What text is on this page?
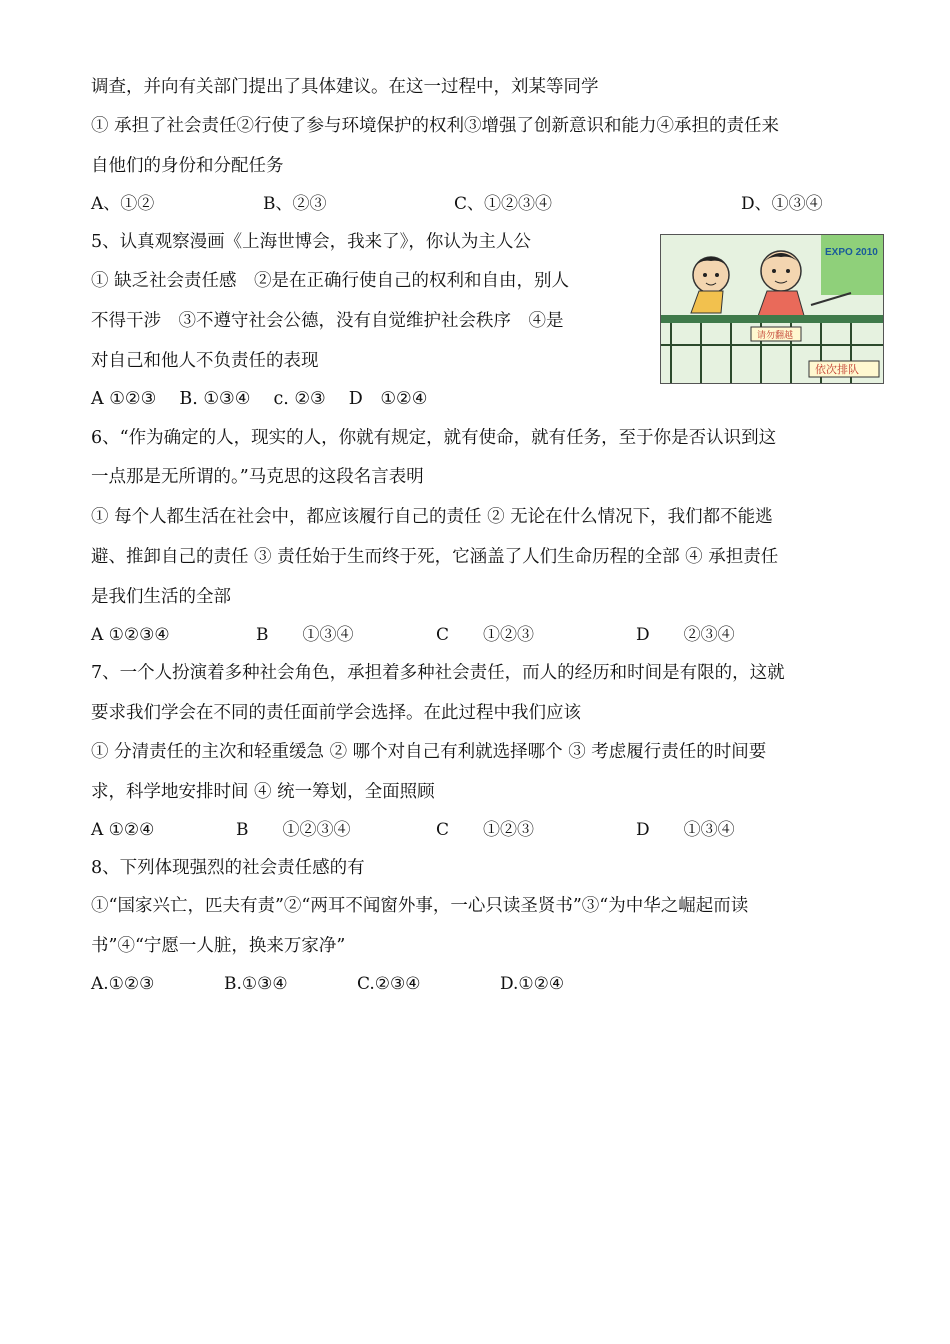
调查，并向有关部门提出了具体建议。在这一过程中，刘某等同学
① 承担了社会责任②行使了参与环境保护的权利③增强了创新意识和能力④承担的责任来
自他们的身份和分配任务
A、①②	B、②③	C、①②③④	D、①③④
5、认真观察漫画《上海世博会，我来了》，你认为主人公
① 缺乏社会责任感　②是在正确行使自己的权利和自由，别人
不得干涉　③不遵守社会公德，没有自觉维护社会秩序　④是
对自己和他人不负责任的表现
A ①②③　 B. ①③④　 c. ②③　 D　①②④
EXPO 2010
请勿翻越
依次排队
6、“作为确定的人，现实的人，你就有规定，就有使命，就有任务，至于你是否认识到这
一点那是无所谓的。”马克思的这段名言表明
① 每个人都生活在社会中，都应该履行自己的责任 ② 无论在什么情况下，我们都不能逃
避、推卸自己的责任 ③ 责任始于生而终于死，它涵盖了人们生命历程的全部 ④ 承担责任
是我们生活的全部
A ①②③④	B　　①③④	C　　①②③	D　　②③④
7、一个人扮演着多种社会角色，承担着多种社会责任，而人的经历和时间是有限的，这就
要求我们学会在不同的责任面前学会选择。在此过程中我们应该
① 分清责任的主次和轻重缓急 ② 哪个对自己有利就选择哪个 ③ 考虑履行责任的时间要
求，科学地安排时间 ④ 统一筹划，全面照顾
A ①②④	B　　①②③④	C　　①②③	D　　①③④
8、下列体现强烈的社会责任感的有
①“国家兴亡，匹夫有责”②“两耳不闻窗外事，一心只读圣贤书”③“为中华之崛起而读
书”④“宁愿一人脏，换来万家净”
A.①②③	B.①③④	C.②③④	D.①②④
